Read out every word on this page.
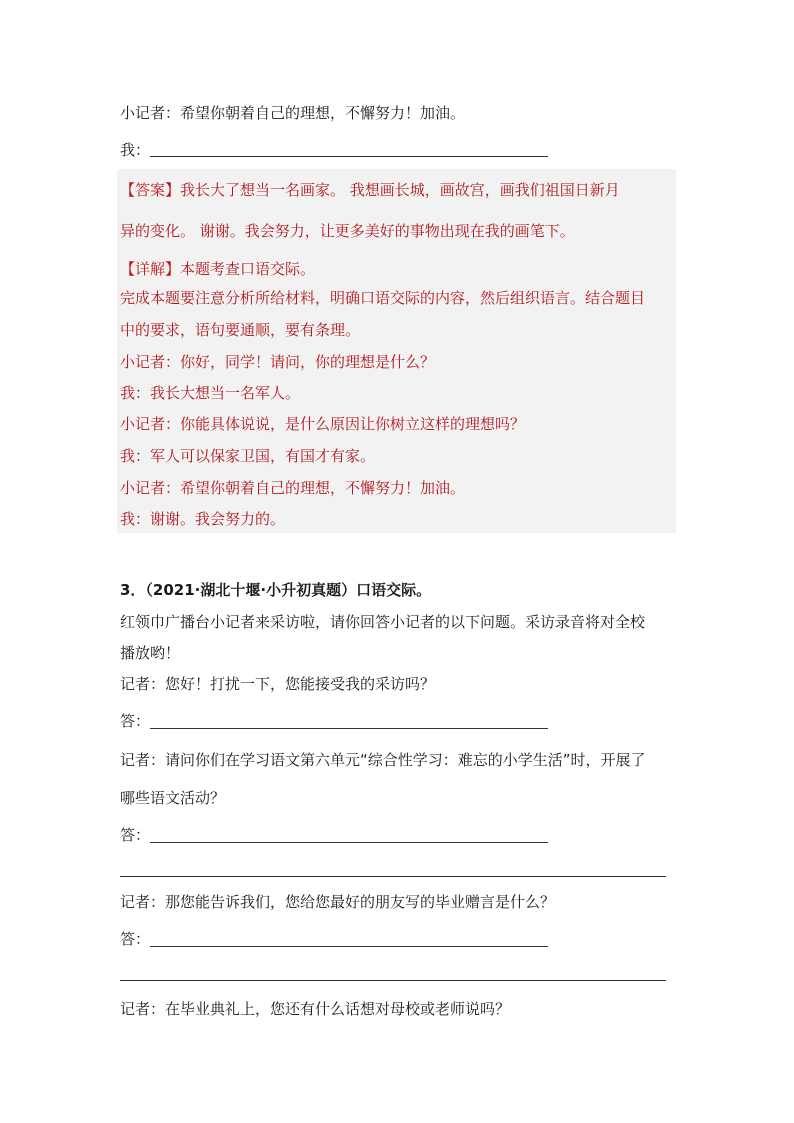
小记者：希望你朝着自己的理想，不懈努力！加油。
我：
【答案】我长大了想当一名画家。 我想画长城，画故宫，画我们祖国日新月
异的变化。 谢谢。我会努力，让更多美好的事物出现在我的画笔下。
【详解】本题考查口语交际。
完成本题要注意分析所给材料，明确口语交际的内容，然后组织语言。结合题目
中的要求，语句要通顺，要有条理。
小记者：你好，同学！请问，你的理想是什么？
我：我长大想当一名军人。
小记者：你能具体说说，是什么原因让你树立这样的理想吗？
我：军人可以保家卫国，有国才有家。
小记者：希望你朝着自己的理想，不懈努力！加油。
我：谢谢。我会努力的。
3．（2021·湖北十堰·小升初真题）口语交际。
红领巾广播台小记者来采访啦，请你回答小记者的以下问题。采访录音将对全校
播放哟！
记者：您好！打扰一下，您能接受我的采访吗？
答：
记者：请问你们在学习语文第六单元“综合性学习：难忘的小学生活”时，开展了
哪些语文活动？
答：
记者：那您能告诉我们，您给您最好的朋友写的毕业赠言是什么？
答：
记者：在毕业典礼上，您还有什么话想对母校或老师说吗？
